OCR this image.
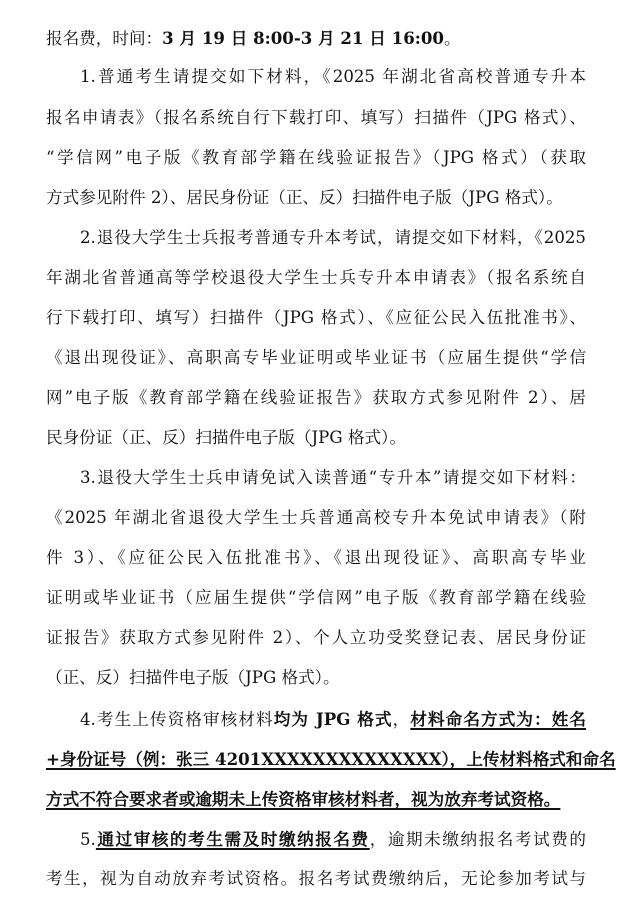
报名费，时间：3 月 19 日 8:00-3 月 21 日 16:00。
1.普通考生请提交如下材料，《2025 年湖北省高校普通专升本
报名申请表》（报名系统自行下载打印、填写）扫描件（JPG 格式）、
“学信网”电子版《教育部学籍在线验证报告》（JPG 格式）（获取
方式参见附件 2）、居民身份证（正、反）扫描件电子版（JPG 格式）。
2.退役大学生士兵报考普通专升本考试，请提交如下材料，《2025
年湖北省普通高等学校退役大学生士兵专升本申请表》（报名系统自
行下载打印、填写）扫描件（JPG 格式）、《应征公民入伍批准书》、
《退出现役证》、高职高专毕业证明或毕业证书（应届生提供“学信
网”电子版《教育部学籍在线验证报告》获取方式参见附件 2）、居
民身份证（正、反）扫描件电子版（JPG 格式）。
3.退役大学生士兵申请免试入读普通“专升本”请提交如下材料：
《2025 年湖北省退役大学生士兵普通高校专升本免试申请表》（附
件 3）、《应征公民入伍批准书》、《退出现役证》、高职高专毕业
证明或毕业证书（应届生提供“学信网”电子版《教育部学籍在线验
证报告》获取方式参见附件 2）、个人立功受奖登记表、居民身份证
（正、反）扫描件电子版（JPG 格式）。
4.考生上传资格审核材料均为 JPG 格式，材料命名方式为：姓名
+身份证号（例：张三 4201XXXXXXXXXXXXXX），上传材料格式和命名
方式不符合要求者或逾期未上传资格审核材料者，视为放弃考试资格。
5.通过审核的考生需及时缴纳报名费，逾期未缴纳报名考试费的
考生，视为自动放弃考试资格。报名考试费缴纳后，无论参加考试与
